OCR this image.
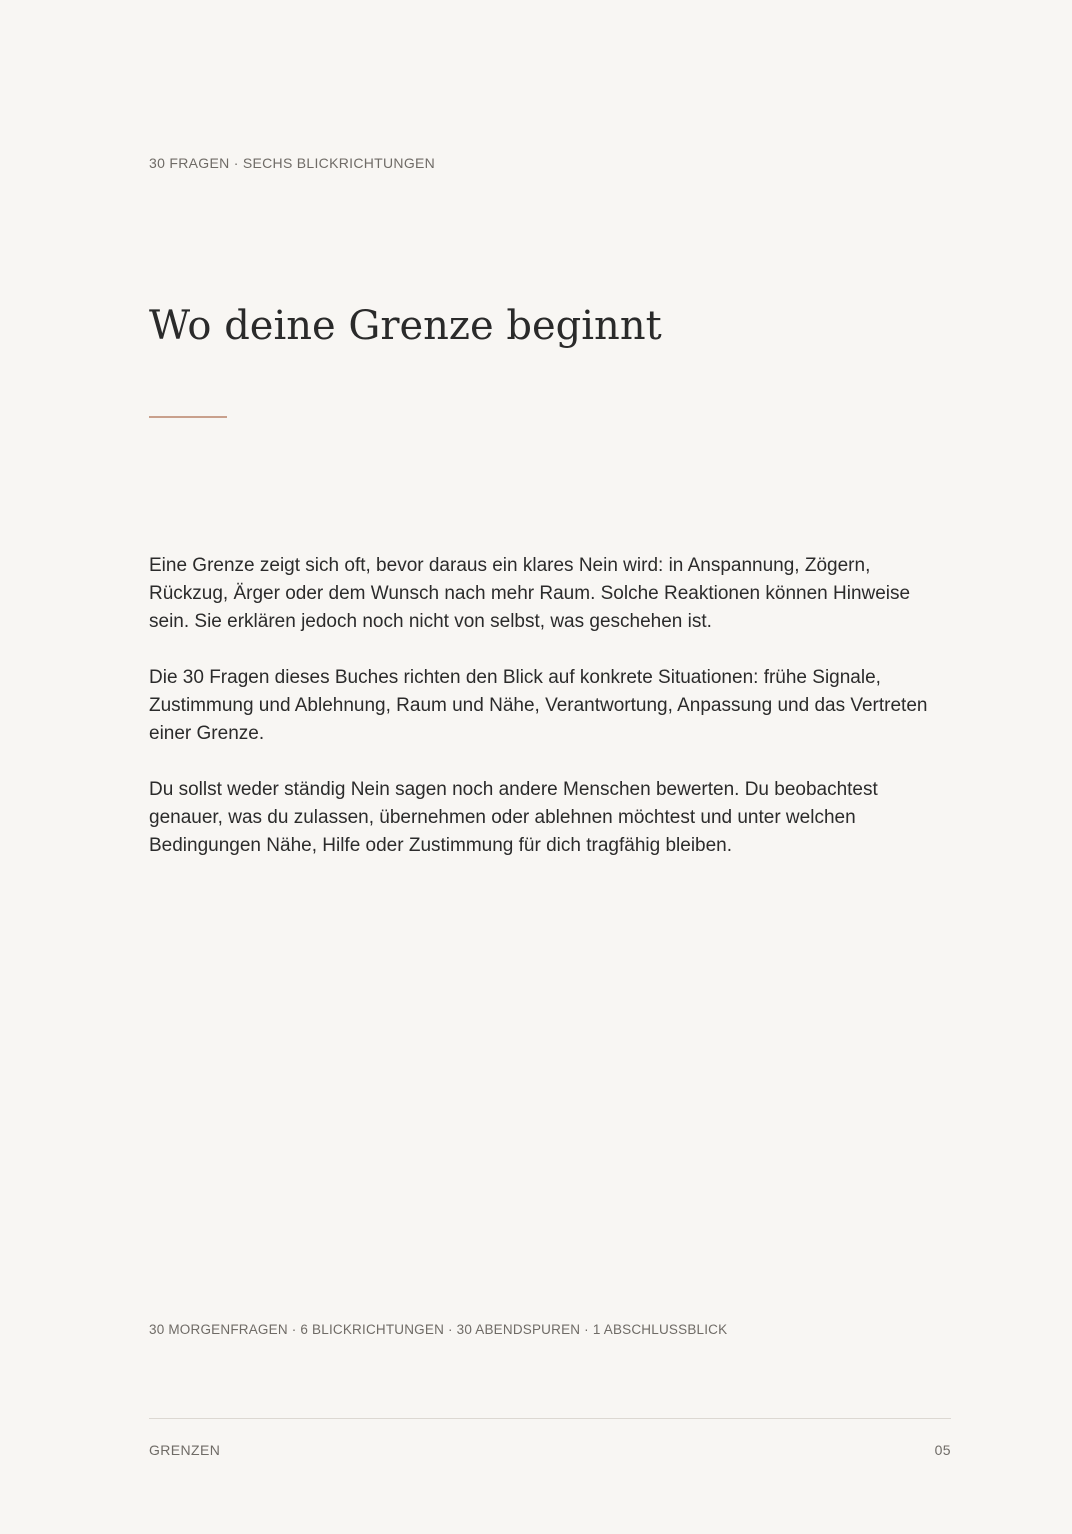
30 FRAGEN · SECHS BLICKRICHTUNGEN
Wo deine Grenze beginnt

Eine Grenze zeigt sich oft, bevor daraus ein klares Nein wird: in Anspannung, Zögern, Rückzug, Ärger oder dem Wunsch nach mehr Raum. Solche Reaktionen können Hinweise sein. Sie erklären jedoch noch nicht von selbst, was geschehen ist.

Die 30 Fragen dieses Buches richten den Blick auf konkrete Situationen: frühe Signale, Zustimmung und Ablehnung, Raum und Nähe, Verantwortung, Anpassung und das Vertreten einer Grenze.

Du sollst weder ständig Nein sagen noch andere Menschen bewerten. Du beobachtest genauer, was du zulassen, übernehmen oder ablehnen möchtest und unter welchen Bedingungen Nähe, Hilfe oder Zustimmung für dich tragfähig bleiben.

30 MORGENFRAGEN · 6 BLICKRICHTUNGEN · 30 ABENDSPUREN · 1 ABSCHLUSSBLICK
GRENZEN	05
